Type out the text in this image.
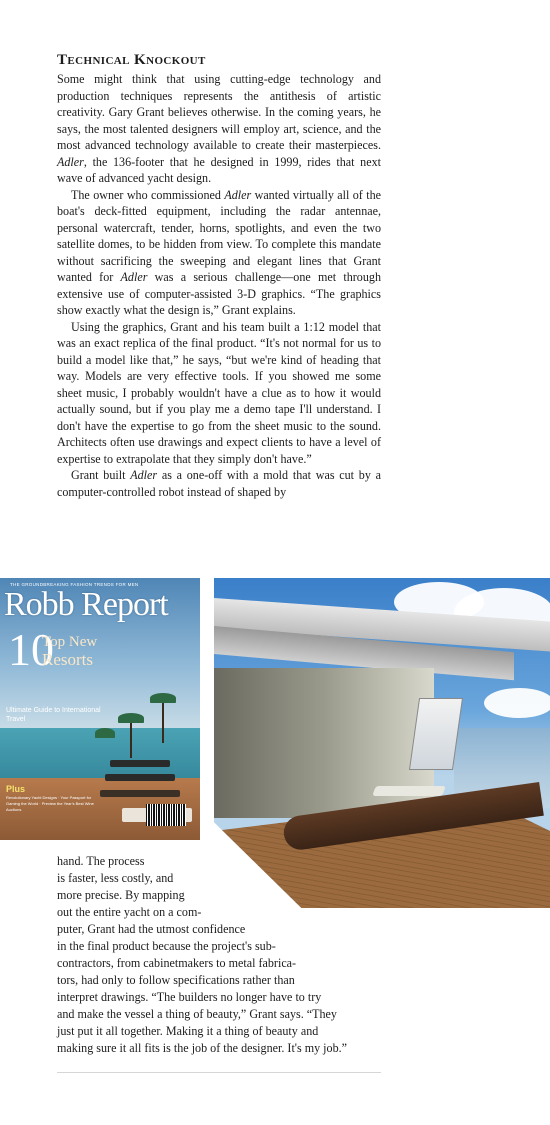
Technical Knockout

Some might think that using cutting-edge technology and production techniques represents the antithesis of artistic creativity. Gary Grant believes otherwise. In the coming years, he says, the most talented designers will employ art, science, and the most advanced technology available to create their masterpieces. Adler, the 136-footer that he designed in 1999, rides that next wave of advanced yacht design.

The owner who commissioned Adler wanted virtually all of the boat's deck-fitted equipment, including the radar antennae, personal watercraft, tender, horns, spotlights, and even the two satellite domes, to be hidden from view. To complete this mandate without sacrificing the sweeping and elegant lines that Grant wanted for Adler was a serious challenge—one met through extensive use of computer-assisted 3-D graphics. “The graphics show exactly what the design is,” Grant explains.

Using the graphics, Grant and his team built a 1:12 model that was an exact replica of the final product. “It's not normal for us to build a model like that,” he says, “but we're kind of heading that way. Models are very effective tools. If you showed me some sheet music, I probably wouldn't have a clue as to how it would actually sound, but if you play me a demo tape I'll understand. I don't have the expertise to go from the sheet music to the sound. Architects often use drawings and expect clients to have a level of expertise to extrapolate that they simply don't have.”

Grant built Adler as a one-off with a mold that was cut by a computer-controlled robot instead of shaped by

THE GROUNDBREAKING FASHION TRENDS FOR MEN
Robb Report
10
Top New
Resorts
Ultimate Guide to International Travel
Plus
Revolutionary Yacht Designs · Your Passport for Gaming the World · Preview the Year's Best Wine Auctions
hand. The process
is faster, less costly, and
more precise. By mapping
out the entire yacht on a com-
puter, Grant had the utmost confidence
in the final product because the project's sub-
contractors, from cabinetmakers to metal fabrica-
tors, had only to follow specifications rather than
interpret drawings. “The builders no longer have to try
and make the vessel a thing of beauty,” Grant says. “They
just put it all together. Making it a thing of beauty and
making sure it all fits is the job of the designer. It's my job.”
